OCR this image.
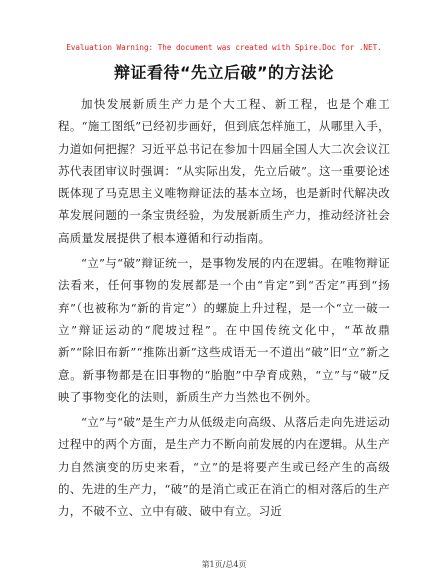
Evaluation Warning: The document was created with Spire.Doc for .NET.
辩证看待“先立后破”的方法论

加快发展新质生产力是个大工程、新工程，也是个难工程。“施工图纸”已经初步画好，但到底怎样施工，从哪里入手，力道如何把握？习近平总书记在参加十四届全国人大二次会议江苏代表团审议时强调：“从实际出发，先立后破”。这一重要论述既体现了马克思主义唯物辩证法的基本立场，也是新时代解决改革发展问题的一条宝贵经验，为发展新质生产力，推动经济社会高质量发展提供了根本遵循和行动指南。

“立”与“破”辩证统一，是事物发展的内在逻辑。在唯物辩证法看来，任何事物的发展都是一个由“肯定”到“否定”再到“扬弃”（也被称为“新的肯定”）的螺旋上升过程，是一个“立一破一立”辩证运动的“爬坡过程”。在中国传统文化中，“革故鼎新”“除旧布新”“推陈出新”这些成语无一不道出“破”旧“立”新之意。新事物都是在旧事物的“胎胞”中孕育成熟，“立”与“破”反映了事物变化的法则，新质生产力当然也不例外。

“立”与“破”是生产力从低级走向高级、从落后走向先进运动过程中的两个方面，是生产力不断向前发展的内在逻辑。从生产力自然演变的历史来看，“立”的是将要产生或已经产生的高级的、先进的生产力，“破”的是消亡或正在消亡的相对落后的生产力，不破不立、立中有破、破中有立。习近

第1页/总4页
